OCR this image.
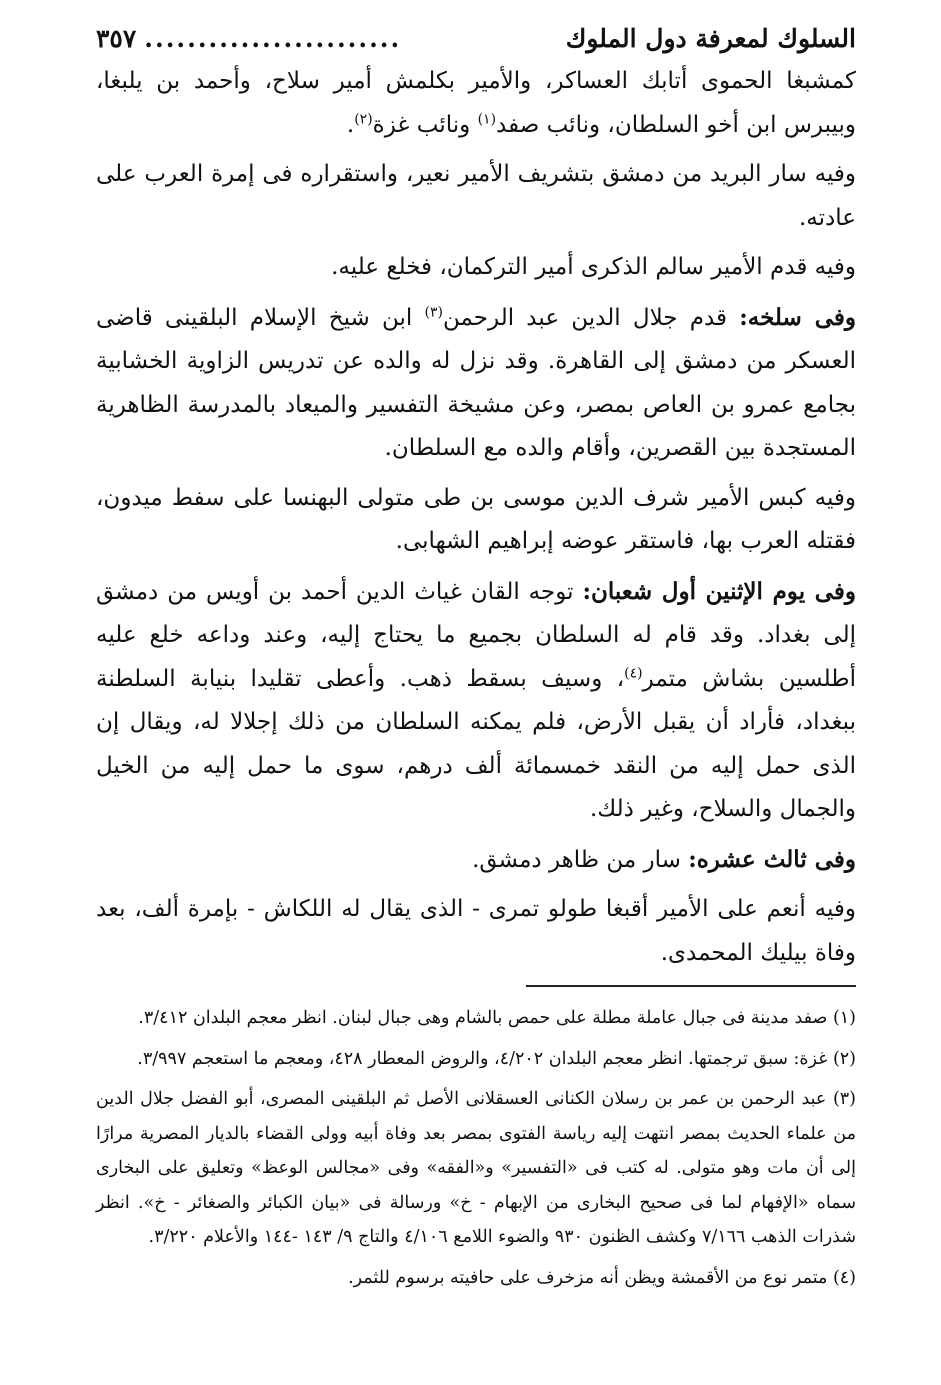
السلوك لمعرفة دول الملوك
........................
٣٥٧

كمشبغا الحموى أتابك العساكر، والأمير بكلمش أمير سلاح، وأحمد بن يلبغا، وبيبرس ابن أخو السلطان، ونائب صفد$^{(١)}$ ونائب غزة$^{(٢)}$.

وفيه سار البريد من دمشق بتشريف الأمير نعير، واستقراره فى إمرة العرب على عادته.

وفيه قدم الأمير سالم الذكرى أمير التركمان، فخلع عليه.

وفى سلخه: قدم جلال الدين عبد الرحمن$^{(٣)}$ ابن شيخ الإسلام البلقينى قاضى العسكر من دمشق إلى القاهرة. وقد نزل له والده عن تدريس الزاوية الخشابية بجامع عمرو بن العاص بمصر، وعن مشيخة التفسير والميعاد بالمدرسة الظاهرية المستجدة بين القصرين، وأقام والده مع السلطان.

وفيه كبس الأمير شرف الدين موسى بن طى متولى البهنسا على سفط ميدون، فقتله العرب بها، فاستقر عوضه إبراهيم الشهابى.

وفى يوم الإثنين أول شعبان: توجه القان غياث الدين أحمد بن أويس من دمشق إلى بغداد. وقد قام له السلطان بجميع ما يحتاج إليه، وعند وداعه خلع عليه أطلسين بشاش متمر$^{(٤)}$، وسيف بسقط ذهب. وأعطى تقليدا بنيابة السلطنة ببغداد، فأراد أن يقبل الأرض، فلم يمكنه السلطان من ذلك إجلالا له، ويقال إن الذى حمل إليه من النقد خمسمائة ألف درهم، سوى ما حمل إليه من الخيل والجمال والسلاح، وغير ذلك.

وفى ثالث عشره: سار من ظاهر دمشق.

وفيه أنعم على الأمير أقبغا طولو تمرى - الذى يقال له اللكاش - بإمرة ألف، بعد وفاة بيليك المحمدى.

(١) صفد مدينة فى جبال عاملة مطلة على حمص بالشام وهى جبال لبنان. انظر معجم البلدان ٣/٤١٢.

(٢) غزة: سبق ترجمتها. انظر معجم البلدان ٤/٢٠٢، والروض المعطار ٤٢٨، ومعجم ما استعجم ٣/٩٩٧.

(٣) عبد الرحمن بن عمر بن رسلان الكنانى العسقلانى الأصل ثم البلقينى المصرى، أبو الفضل جلال الدين من علماء الحديث بمصر انتهت إليه رياسة الفتوى بمصر بعد وفاة أبيه وولى القضاء بالديار المصرية مرارًا إلى أن مات وهو متولى. له كتب فى «التفسير» و«الفقه» وفى «مجالس الوعظ» وتعليق على البخارى سماه «الإفهام لما فى صحيح البخارى من الإبهام - خ» ورسالة فى «بيان الكبائر والصغائر - خ». انظر شذرات الذهب ٧/١٦٦ وكشف الظنون ٩٣٠ والضوء اللامع ٤/١٠٦ والتاج ٩/ ١٤٣ -١٤٤ والأعلام ٣/٢٢٠.

(٤) متمر نوع من الأقمشة ويظن أنه مزخرف على حافيته برسوم للثمر.
